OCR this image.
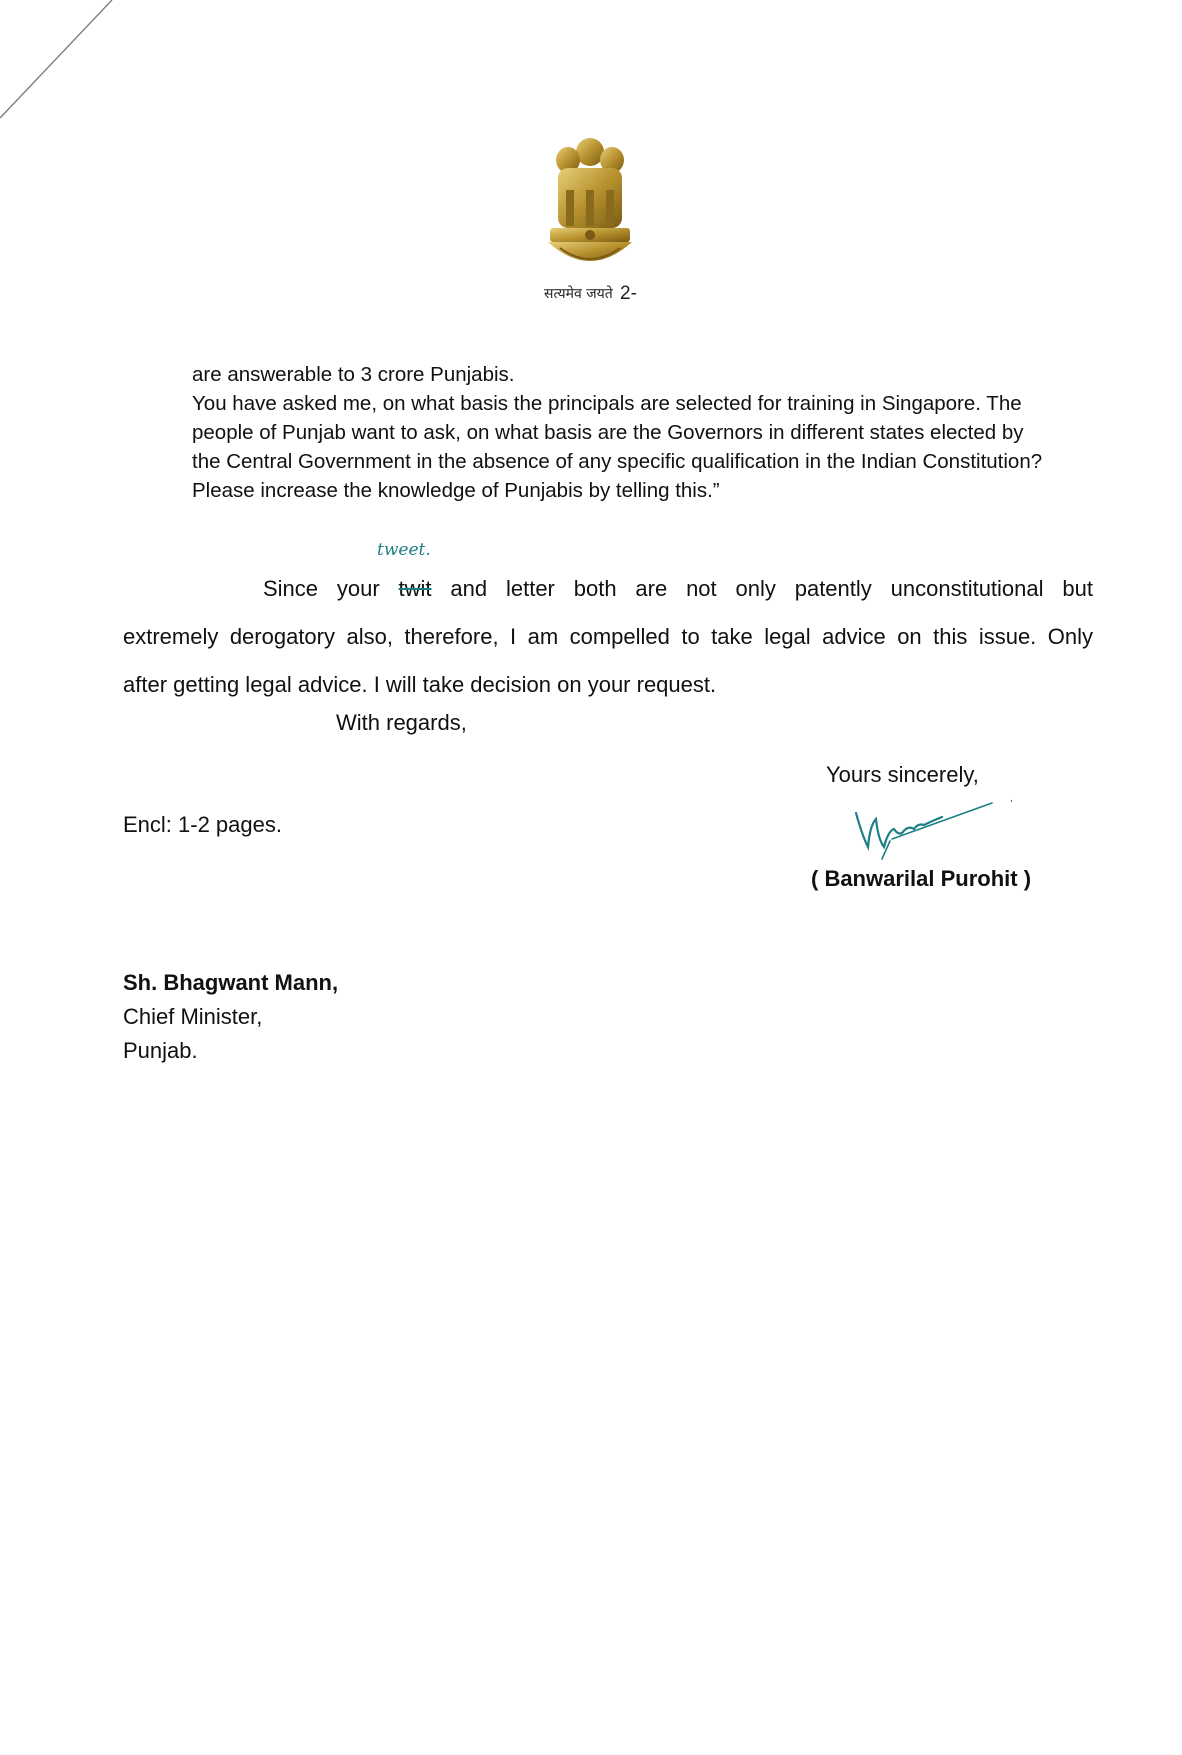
सत्यमेव जयते 2-
are answerable to 3 crore Punjabis.
You have asked me, on what basis the principals are selected for training in Singapore. The
people of Punjab want to ask, on what basis are the Governors in different states elected by
the Central Government in the absence of any specific qualification in the Indian Constitution?
Please increase the knowledge of Punjabis by telling this.”
tweet.
Since your twit and letter both are not only patently unconstitutional but
extremely derogatory also, therefore, I am compelled to take legal advice on this issue. Only
after getting legal advice. I will take decision on your request.
With regards,
Yours sincerely,
Encl: 1-2 pages.
( Banwarilal Purohit )
Sh. Bhagwant Mann,
Chief Minister,
Punjab.
